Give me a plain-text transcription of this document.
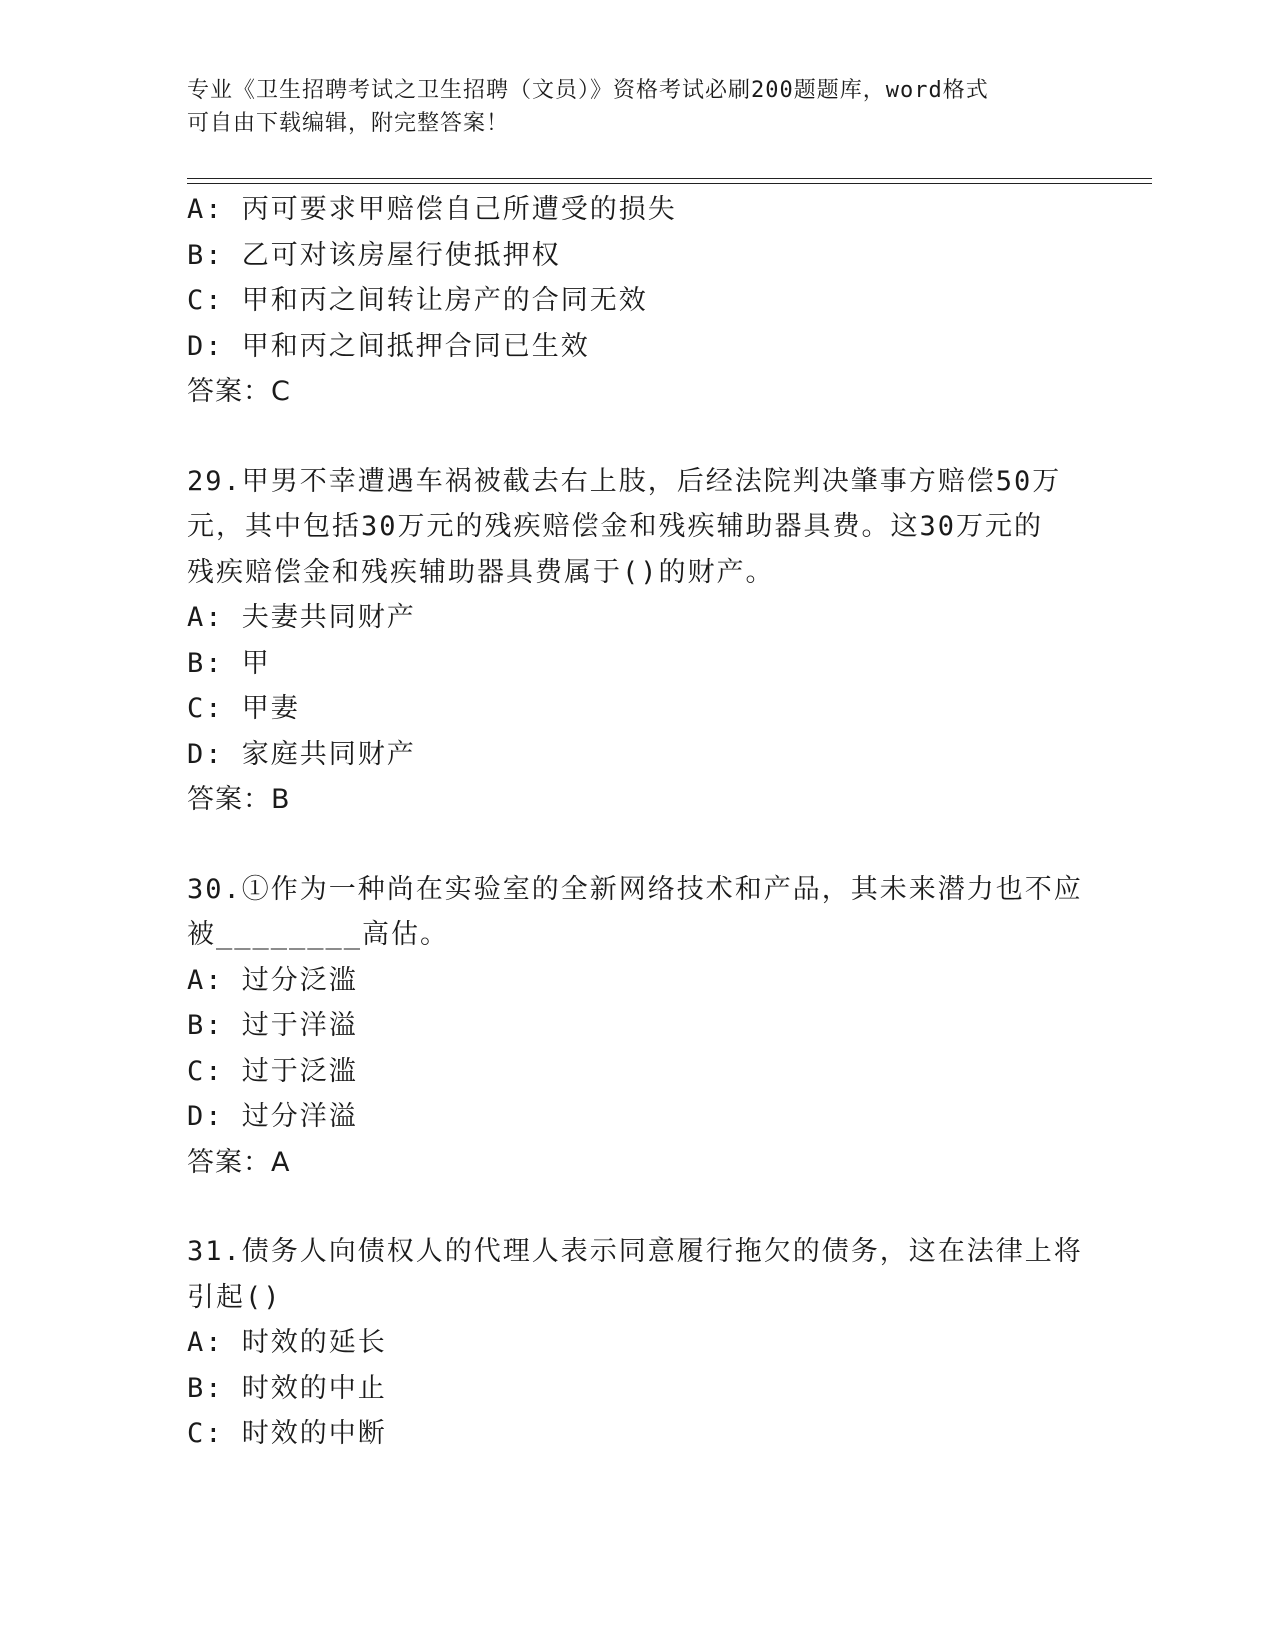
专业《卫生招聘考试之卫生招聘（文员）》资格考试必刷200题题库，word格式
可自由下载编辑，附完整答案！
A: 丙可要求甲赔偿自己所遭受的损失
B: 乙可对该房屋行使抵押权
C: 甲和丙之间转让房产的合同无效
D: 甲和丙之间抵押合同已生效
答案：C
29.甲男不幸遭遇车祸被截去右上肢，后经法院判决肇事方赔偿50万
元，其中包括30万元的残疾赔偿金和残疾辅助器具费。这30万元的
残疾赔偿金和残疾辅助器具费属于()的财产。
A: 夫妻共同财产
B: 甲
C: 甲妻
D: 家庭共同财产
答案：B
30.①作为一种尚在实验室的全新网络技术和产品，其未来潜力也不应
被________高估。
A: 过分泛滥
B: 过于洋溢
C: 过于泛滥
D: 过分洋溢
答案：A
31.债务人向债权人的代理人表示同意履行拖欠的债务，这在法律上将
引起()
A: 时效的延长
B: 时效的中止
C: 时效的中断
